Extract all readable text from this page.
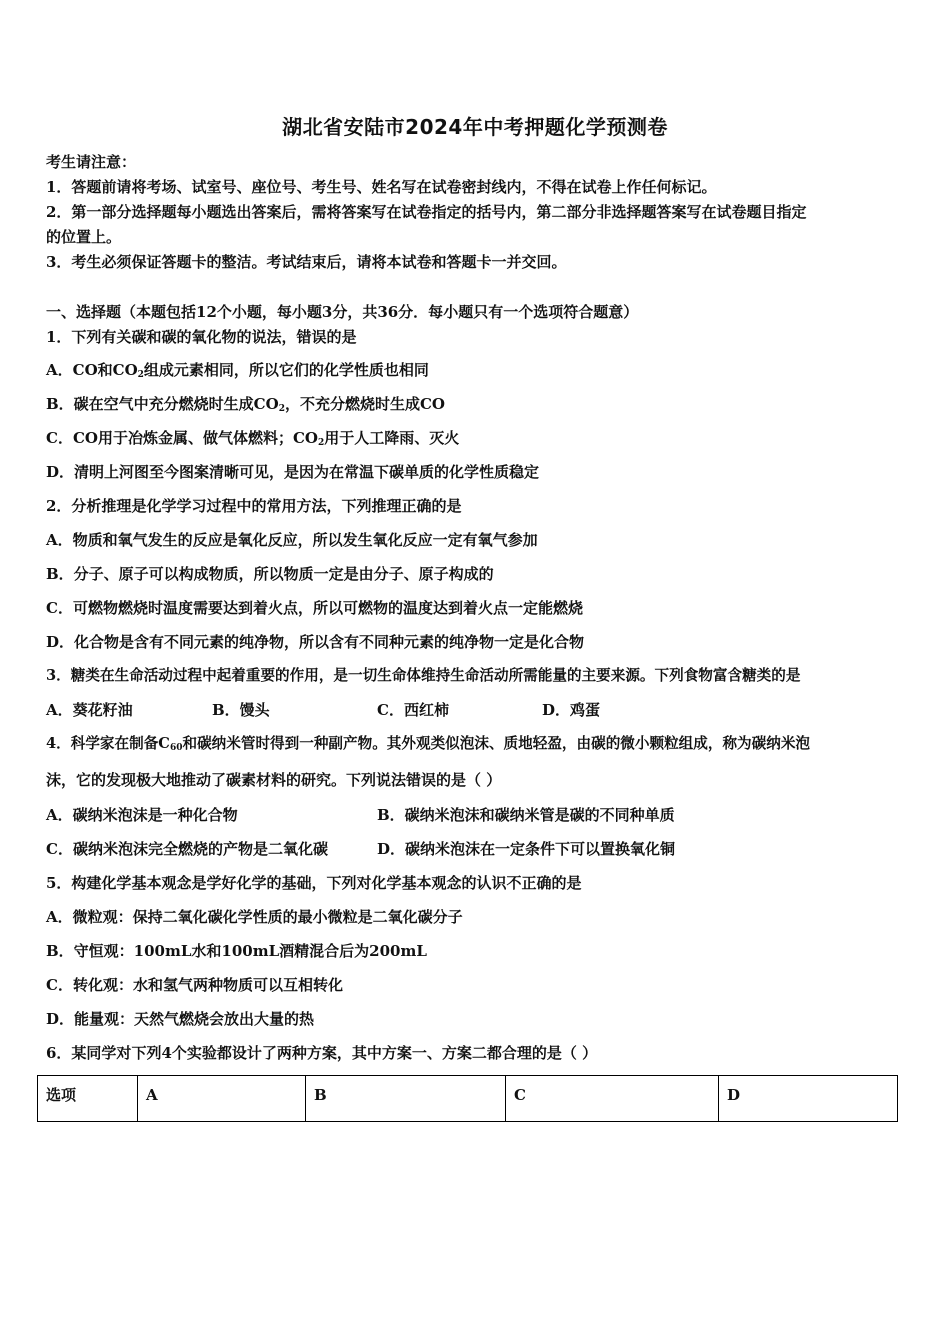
湖北省安陆市2024年中考押题化学预测卷
考生请注意：
1．答题前请将考场、试室号、座位号、考生号、姓名写在试卷密封线内，不得在试卷上作任何标记。
2．第一部分选择题每小题选出答案后，需将答案写在试卷指定的括号内，第二部分非选择题答案写在试卷题目指定
的位置上。
3．考生必须保证答题卡的整洁。考试结束后，请将本试卷和答题卡一并交回。
一、选择题（本题包括12个小题，每小题3分，共36分．每小题只有一个选项符合题意）
1．下列有关碳和碳的氧化物的说法，错误的是
A．CO和$CO_2$组成元素相同，所以它们的化学性质也相同
B．碳在空气中充分燃烧时生成$CO_2$，不充分燃烧时生成CO
C．CO用于冶炼金属、做气体燃料；$CO_2$用于人工降雨、灭火
D．清明上河图至今图案清晰可见，是因为在常温下碳单质的化学性质稳定
2．分析推理是化学学习过程中的常用方法，下列推理正确的是
A．物质和氧气发生的反应是氧化反应，所以发生氧化反应一定有氧气参加
B．分子、原子可以构成物质，所以物质一定是由分子、原子构成的
C．可燃物燃烧时温度需要达到着火点，所以可燃物的温度达到着火点一定能燃烧
D．化合物是含有不同元素的纯净物，所以含有不同种元素的纯净物一定是化合物
3．糖类在生命活动过程中起着重要的作用，是一切生命体维持生命活动所需能量的主要来源。下列食物富含糖类的是
A．葵花籽油	B．馒头	C．西红柿	D．鸡蛋
4．科学家在制备$C_{60}$和碳纳米管时得到一种副产物。其外观类似泡沫、质地轻盈，由碳的微小颗粒组成，称为碳纳米泡
沫，它的发现极大地推动了碳素材料的研究。下列说法错误的是（ ）
A．碳纳米泡沫是一种化合物	B．碳纳米泡沫和碳纳米管是碳的不同种单质
C．碳纳米泡沫完全燃烧的产物是二氧化碳	D．碳纳米泡沫在一定条件下可以置换氧化铜
5．构建化学基本观念是学好化学的基础，下列对化学基本观念的认识不正确的是
A．微粒观：保持二氧化碳化学性质的最小微粒是二氧化碳分子
B．守恒观：100mL水和100mL酒精混合后为200mL
C．转化观：水和氢气两种物质可以互相转化
D．能量观：天然气燃烧会放出大量的热
6．某同学对下列4个实验都设计了两种方案，其中方案一、方案二都合理的是（ ）
选项	A	B	C	D
